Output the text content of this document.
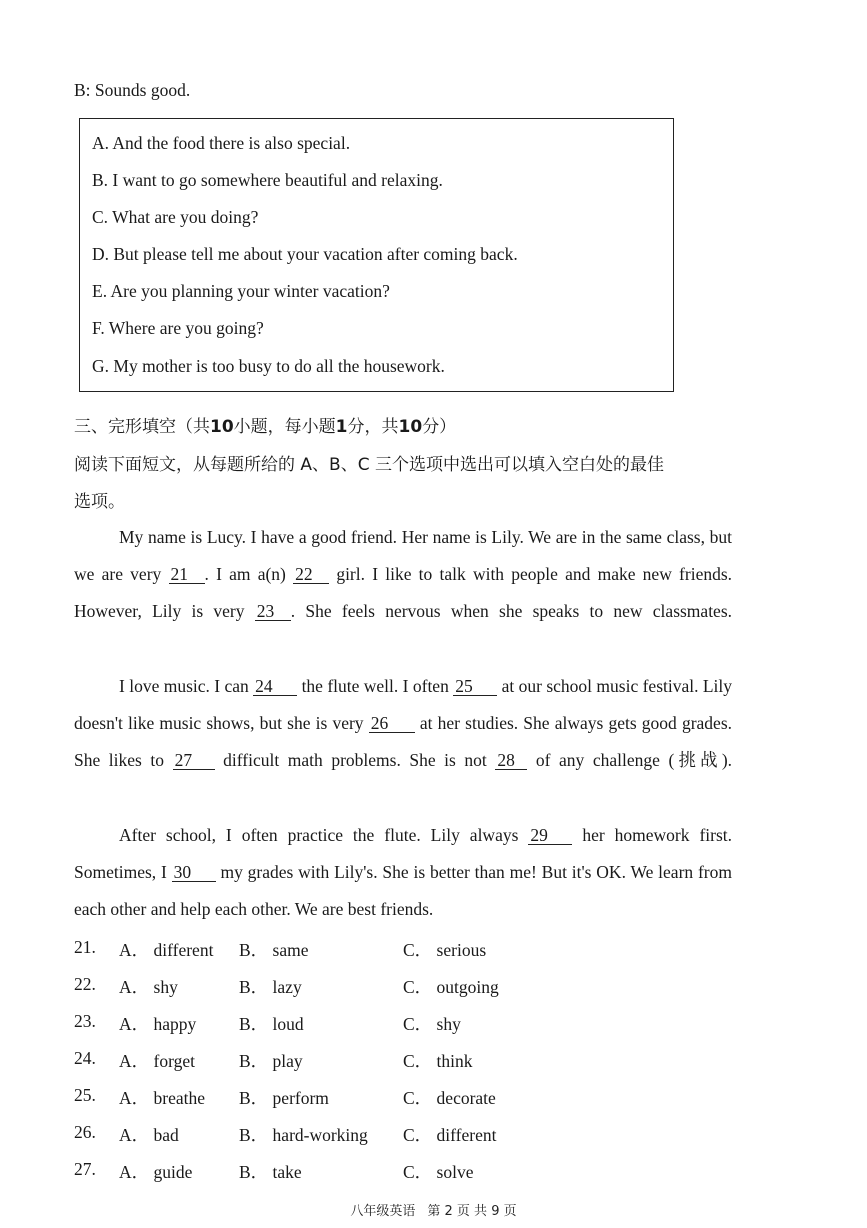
B: Sounds good.
A. And the food there is also special.
B. I want to go somewhere beautiful and relaxing.
C. What are you doing?
D. But please tell me about your vacation after coming back.
E. Are you planning your winter vacation?
F. Where are you going?
G. My mother is too busy to do all the housework.
三、完形填空（共10小题，每小题1分，共10分）
阅读下面短文，从每题所给的 A、B、C 三个选项中选出可以填入空白处的最佳
选项。
My name is Lucy. I have a good friend. Her name is Lily. We are in the same class, but we are very 21 . I am a(n) 22 girl. I like to talk with people and make new friends. However, Lily is very 23 . She feels nervous when she speaks to new classmates.
I love music. I can 24 the flute well. I often 25 at our school music festival. Lily doesn't like music shows, but she is very 26 at her studies. She always gets good grades. She likes to 27 difficult math problems. She is not 28 of any challenge (挑战).
After school, I often practice the flute. Lily always 29 her homework first. Sometimes, I 30 my grades with Lily's. She is better than me! But it's OK. We learn from each other and help each other. We are best friends.
21. A． different B． same	C． serious
22. A． shy	B． lazy	C． outgoing
23. A． happy B． loud	C． shy
24. A． forget	B． play	C． think
25. A． breathe B． perform	C． decorate
26. A． bad	B． hard-working C． different
27. A． guide	B． take	C． solve
八年级英语 第 2 页 共 9 页
